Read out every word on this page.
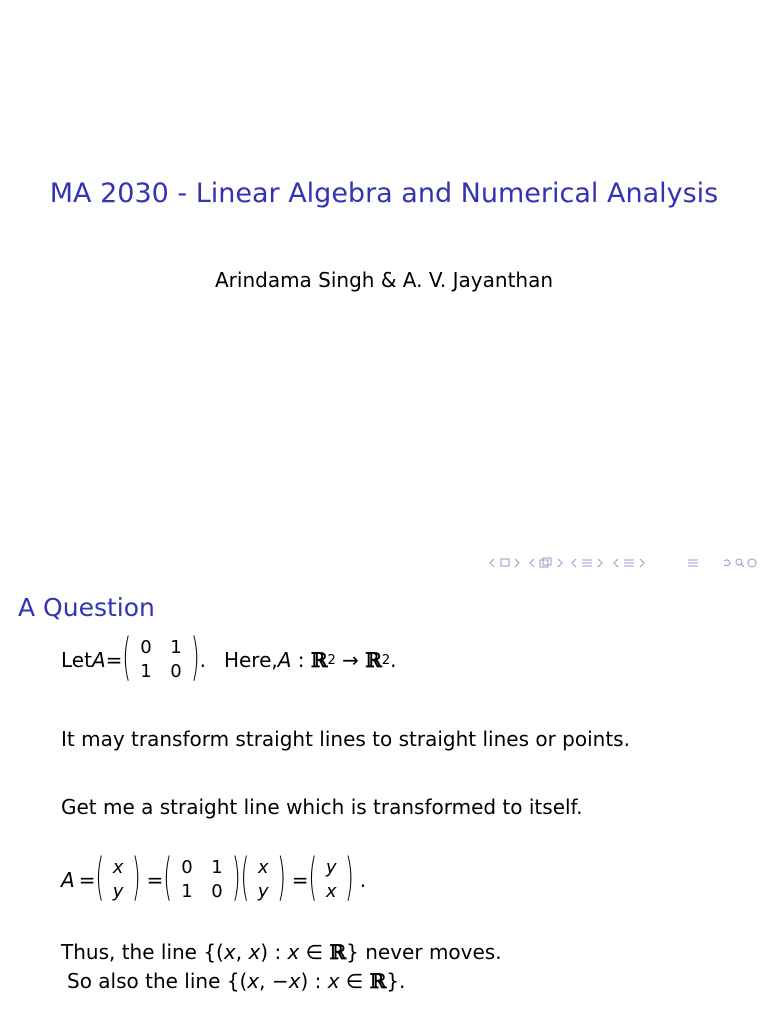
MA 2030 - Linear Algebra and Numerical Analysis
Arindama Singh & A. V. Jayanthan
A Question
Let A = ( 0	1
1	0 ) . Here, A : ℝ 2 → ℝ 2 .
It may transform straight lines to straight lines or points.
Get me a straight line which is transformed to itself.
A = ( x
y ) = ( 0	1
1	0 ) ( x
y ) = ( y
x ) .
Thus, the line {(x, x) : x ∈ ℝ} never moves.
So also the line {(x, −x) : x ∈ ℝ}.
